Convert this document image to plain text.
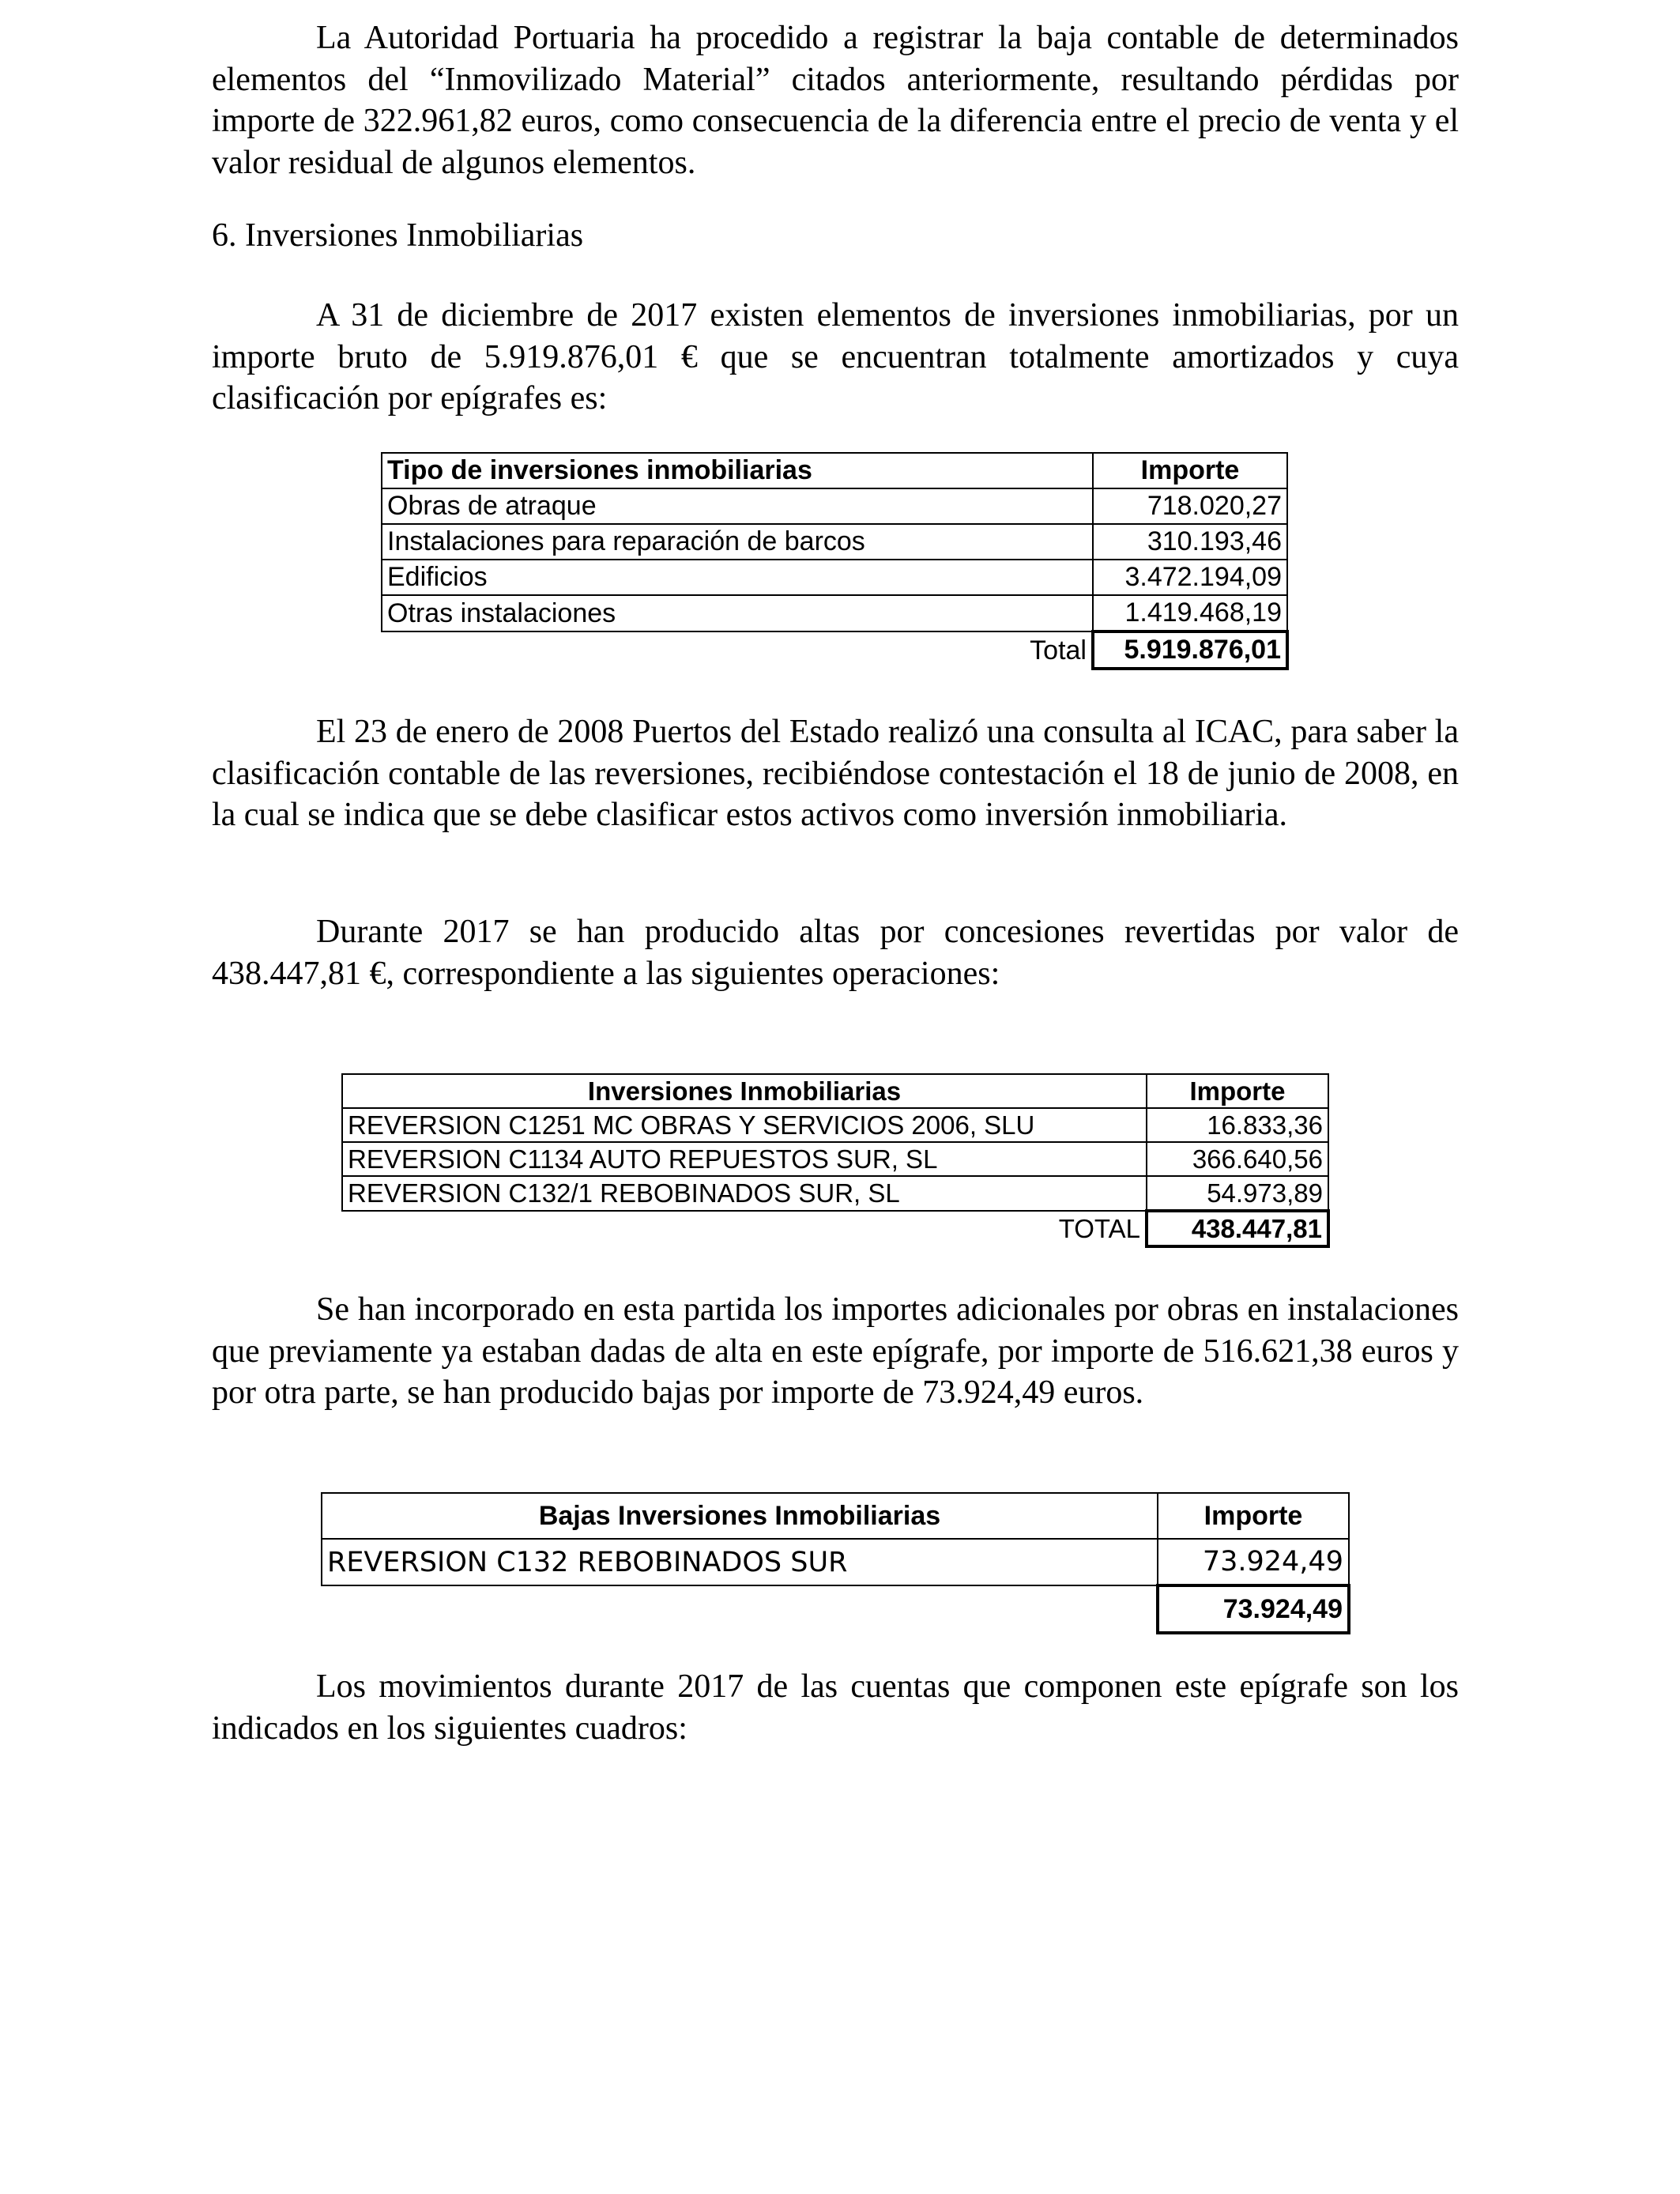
La Autoridad Portuaria ha procedido a registrar la baja contable de determinados elementos del “Inmovilizado Material” citados anteriormente, resultando pérdidas por importe de 322.961,82 euros, como consecuencia de la diferencia entre el precio de venta y el valor residual de algunos elementos.

6. Inversiones Inmobiliarias

A 31 de diciembre de 2017 existen elementos de inversiones inmobiliarias, por un importe bruto de 5.919.876,01 € que se encuentran totalmente amortizados y cuya clasificación por epígrafes es:

Tipo de inversiones inmobiliarias	Importe
Obras de atraque	718.020,27
Instalaciones para reparación de barcos	310.193,46
Edificios	3.472.194,09
Otras instalaciones	1.419.468,19
Total	5.919.876,01

El 23 de enero de 2008 Puertos del Estado realizó una consulta al ICAC, para saber la clasificación contable de las reversiones, recibiéndose contestación el 18 de junio de 2008, en la cual se indica que se debe clasificar estos activos como inversión inmobiliaria.

Durante 2017 se han producido altas por concesiones revertidas por valor de 438.447,81 €, correspondiente a las siguientes operaciones:

Inversiones Inmobiliarias	Importe
REVERSION C1251 MC OBRAS Y SERVICIOS 2006, SLU	16.833,36
REVERSION C1134 AUTO REPUESTOS SUR, SL	366.640,56
REVERSION C132/1 REBOBINADOS SUR, SL	54.973,89
TOTAL	438.447,81

Se han incorporado en esta partida los importes adicionales por obras en instalaciones que previamente ya estaban dadas de alta en este epígrafe, por importe de 516.621,38 euros y por otra parte, se han producido bajas por importe de 73.924,49 euros.

Bajas Inversiones Inmobiliarias	Importe
REVERSION C132 REBOBINADOS SUR	73.924,49
	73.924,49

Los movimientos durante 2017 de las cuentas que componen este epígrafe son los indicados en los siguientes cuadros:
